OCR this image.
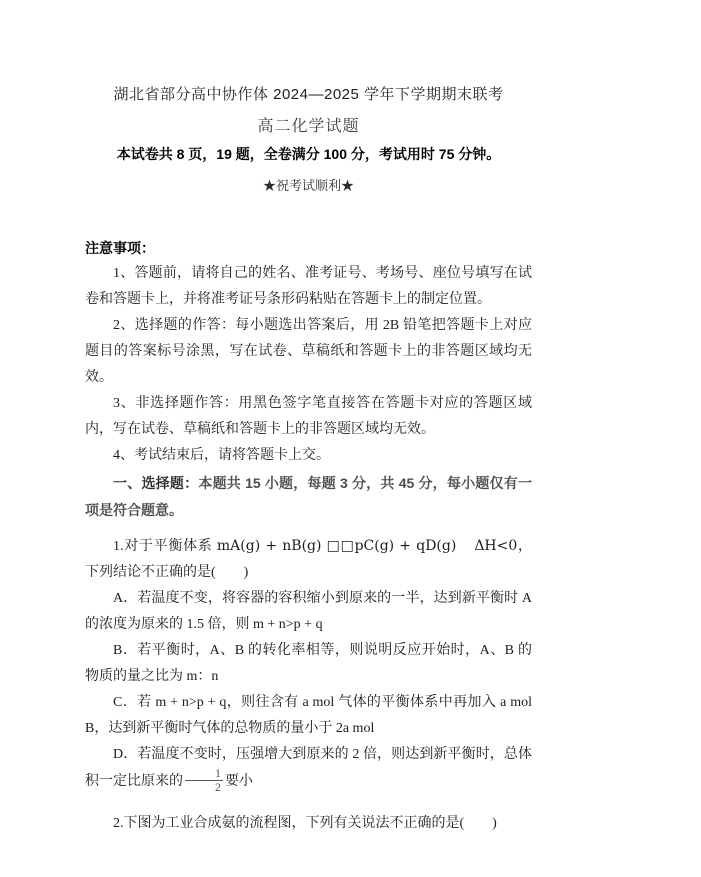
湖北省部分高中协作体 2024—2025 学年下学期期末联考
高二化学试题
本试卷共 8 页，19 题，全卷满分 100 分，考试用时 75 分钟。
★祝考试顺利★
注意事项：

1、答题前，请将自己的姓名、准考证号、考场号、座位号填写在试卷和答题卡上，并将准考证号条形码粘贴在答题卡上的制定位置。

2、选择题的作答：每小题选出答案后，用 2B 铅笔把答题卡上对应题目的答案标号涂黑，写在试卷、草稿纸和答题卡上的非答题区域均无效。

3、非选择题作答：用黑色签字笔直接答在答题卡对应的答题区域内，写在试卷、草稿纸和答题卡上的非答题区域均无效。

4、考试结束后，请将答题卡上交。

一、选择题：本题共 15 小题，每题 3 分，共 45 分，每小题仅有一项是符合题意。

1.对于平衡体系 mA(g) + nB(g) □□pC(g) + qD(g) ΔH<0，下列结论不正确的是(　　)

A．若温度不变，将容器的容积缩小到原来的一半，达到新平衡时 A 的浓度为原来的 1.5 倍，则 m + n>p + q

B．若平衡时，A、B 的转化率相等，则说明反应开始时，A、B 的物质的量之比为 m：n

C．若 m + n>p + q，则往含有 a mol 气体的平衡体系中再加入 a mol B，达到新平衡时气体的总物质的量小于 2a mol

D．若温度不变时，压强增大到原来的 2 倍，则达到新平衡时，总体积一定比原来的 $\frac{1}{2}$ 要小

2.下图为工业合成氨的流程图，下列有关说法不正确的是(　　)
